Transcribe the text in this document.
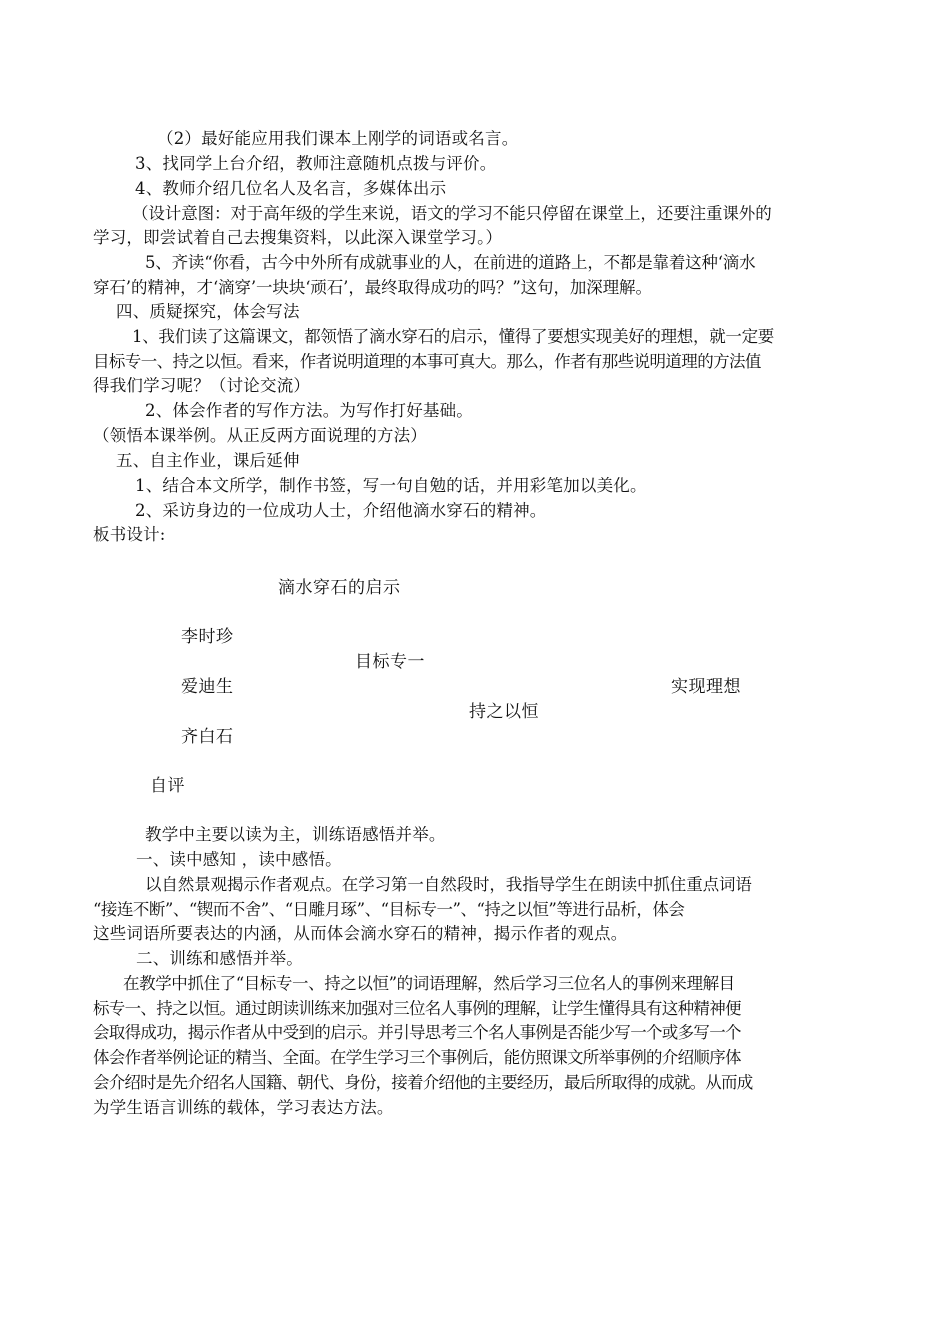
（2）最好能应用我们课本上刚学的词语或名言。
3、找同学上台介绍，教师注意随机点拨与评价。
4、教师介绍几位名人及名言，多媒体出示
（设计意图：对于高年级的学生来说，语文的学习不能只停留在课堂上，还要注重课外的
学习，即尝试着自己去搜集资料，以此深入课堂学习。）
5、齐读“你看，古今中外所有成就事业的人，在前进的道路上，不都是靠着这种‘滴水
穿石’的精神，才‘滴穿’一块块‘顽石’，最终取得成功的吗？”这句，加深理解。
四、质疑探究，体会写法
1、我们读了这篇课文，都领悟了滴水穿石的启示，懂得了要想实现美好的理想，就一定要
目标专一、持之以恒。看来，作者说明道理的本事可真大。那么，作者有那些说明道理的方法值
得我们学习呢？（讨论交流）
2、体会作者的写作方法。为写作打好基础。
（领悟本课举例。从正反两方面说理的方法）
五、自主作业，课后延伸
1、结合本文所学，制作书签，写一句自勉的话，并用彩笔加以美化。
2、采访身边的一位成功人士，介绍他滴水穿石的精神。
板书设计:
滴水穿石的启示
李时珍
目标专一
爱迪生	实现理想
持之以恒
齐白石
自评
教学中主要以读为主，训练语感悟并举。
一、读中感知 ，读中感悟。
以自然景观揭示作者观点。在学习第一自然段时，我指导学生在朗读中抓住重点词语
“接连不断”、“锲而不舍”、“日雕月琢”、“目标专一”、“持之以恒”等进行品析，体会
这些词语所要表达的内涵，从而体会滴水穿石的精神，揭示作者的观点。
二、训练和感悟并举。
在教学中抓住了“目标专一、持之以恒”的词语理解，然后学习三位名人的事例来理解目
标专一、持之以恒。通过朗读训练来加强对三位名人事例的理解，让学生懂得具有这种精神便
会取得成功，揭示作者从中受到的启示。并引导思考三个名人事例是否能少写一个或多写一个
体会作者举例论证的精当、全面。在学生学习三个事例后，能仿照课文所举事例的介绍顺序体
会介绍时是先介绍名人国籍、朝代、身份，接着介绍他的主要经历，最后所取得的成就。从而成
为学生语言训练的载体，学习表达方法。
